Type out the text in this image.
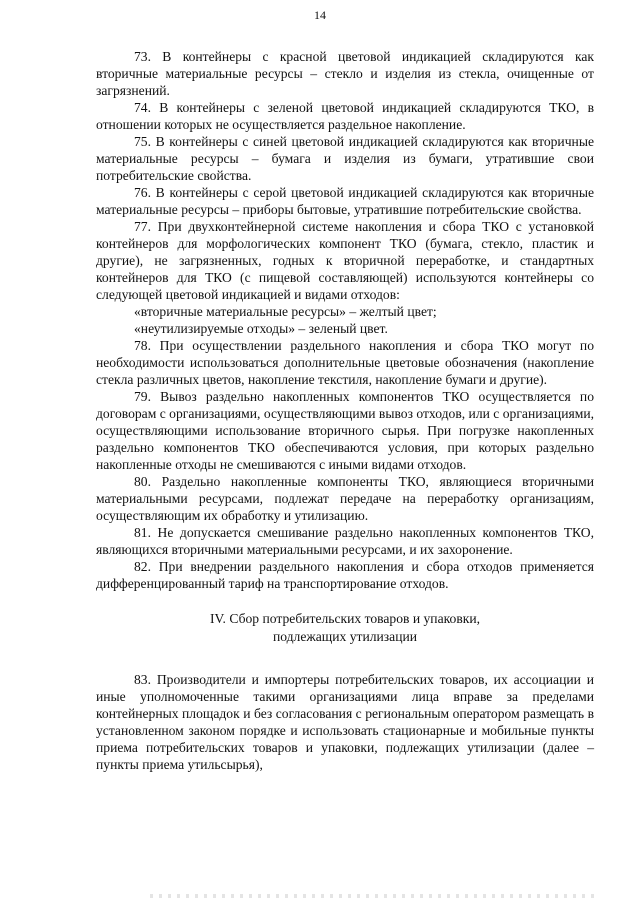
14

73. В контейнеры с красной цветовой индикацией складируются как вторичные материальные ресурсы – стекло и изделия из стекла, очищенные от загрязнений.

74. В контейнеры с зеленой цветовой индикацией складируются ТКО, в отношении которых не осуществляется раздельное накопление.

75. В контейнеры с синей цветовой индикацией складируются как вторичные материальные ресурсы – бумага и изделия из бумаги, утратившие свои потребительские свойства.

76. В контейнеры с серой цветовой индикацией складируются как вторичные материальные ресурсы – приборы бытовые, утратившие потребительские свойства.

77. При двухконтейнерной системе накопления и сбора ТКО с установкой контейнеров для морфологических компонент ТКО (бумага, стекло, пластик и другие), не загрязненных, годных к вторичной переработке, и стандартных контейнеров для ТКО (с пищевой составляющей) используются контейнеры со следующей цветовой индикацией и видами отходов:

«вторичные материальные ресурсы» – желтый цвет;

«неутилизируемые отходы» – зеленый цвет.

78. При осуществлении раздельного накопления и сбора ТКО могут по необходимости использоваться дополнительные цветовые обозначения (накопление стекла различных цветов, накопление текстиля, накопление бумаги и другие).

79. Вывоз раздельно накопленных компонентов ТКО осуществляется по договорам с организациями, осуществляющими вывоз отходов, или с организациями, осуществляющими использование вторичного сырья. При погрузке накопленных раздельно компонентов ТКО обеспечиваются условия, при которых раздельно накопленные отходы не смешиваются с иными видами отходов.

80. Раздельно накопленные компоненты ТКО, являющиеся вторичными материальными ресурсами, подлежат передаче на переработку организациям, осуществляющим их обработку и утилизацию.

81. Не допускается смешивание раздельно накопленных компонентов ТКО, являющихся вторичными материальными ресурсами, и их захоронение.

82. При внедрении раздельного накопления и сбора отходов применяется дифференцированный тариф на транспортирование отходов.

IV. Сбор потребительских товаров и упаковки,
подлежащих утилизации

83. Производители и импортеры потребительских товаров, их ассоциации и иные уполномоченные такими организациями лица вправе за пределами контейнерных площадок и без согласования с региональным оператором размещать в установленном законом порядке и использовать стационарные и мобильные пункты приема потребительских товаров и упаковки, подлежащих утилизации (далее – пункты приема утильсырья),
